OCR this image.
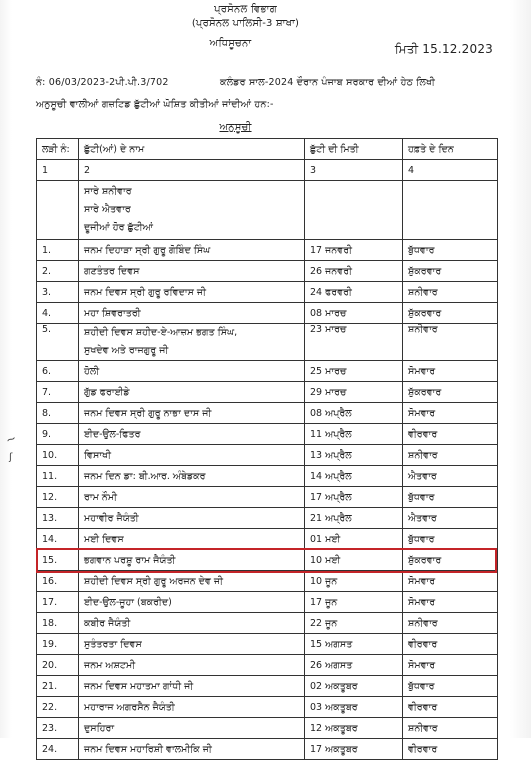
ਪ੍ਰਸੋਨਲ ਵਿਭਾਗ
(ਪ੍ਰਸੋਨਲ ਪਾਲਿਸੀ-3 ਸ਼ਾਖਾ)
ਅਧਿਸੂਚਨਾ	ਮਿਤੀ 15.12.2023
ਨੰ: 06/03/2023-2ਪੀ.ਪੀ.3/702	ਕਲੰਡਰ ਸਾਲ-2024 ਦੌਰਾਨ ਪੰਜਾਬ ਸਰਕਾਰ ਦੀਆਂ ਹੇਠ ਲਿਖੀ
ਅਨੁਸੂਚੀ ਵਾਲੀਆਂ ਗਜ਼ਟਿਡ ਛੁੱਟੀਆਂ ਘੋਸ਼ਿਤ ਕੀਤੀਆਂ ਜਾਂਦੀਆਂ ਹਨ:-
ਅਨੁਸੂਚੀ
~
ʃ
ਲੜੀ ਨੰ:	ਛੁੱਟੀ(ਆਂ) ਦੇ ਨਾਮ	ਛੁੱਟੀ ਦੀ ਮਿਤੀ	ਹਫ਼ਤੇ ਦੇ ਦਿਨ
1	2	3	4

	ਸਾਰੇ ਸ਼ਨੀਵਾਰ
ਸਾਰੇ ਐਤਵਾਰ
ਦੂਜੀਆਂ ਹੋਰ ਛੁੱਟੀਆਂ		

1.	ਜਨਮ ਦਿਹਾੜਾ ਸ੍ਰੀ ਗੁਰੂ ਗੋਬਿੰਦ ਸਿੰਘ	17 ਜਨਵਰੀ	ਬੁੱਧਵਾਰ
2.	ਗਣਤੰਤਰ ਦਿਵਸ	26 ਜਨਵਰੀ	ਸ਼ੁੱਕਰਵਾਰ
3.	ਜਨਮ ਦਿਵਸ ਸ੍ਰੀ ਗੁਰੂ ਰਵਿਦਾਸ ਜੀ	24 ਫਰਵਰੀ	ਸ਼ਨੀਵਾਰ
4.	ਮਹਾ ਸ਼ਿਵਰਾਤਰੀ	08 ਮਾਰਚ	ਸ਼ੁੱਕਰਵਾਰ
5.	ਸ਼ਹੀਦੀ ਦਿਵਸ ਸ਼ਹੀਦ-ਏ-ਆਜ਼ਮ ਭਗਤ ਸਿੰਘ,
ਸੁਖਦੇਵ ਅਤੇ ਰਾਜਗੁਰੂ ਜੀ	23 ਮਾਰਚ	ਸ਼ਨੀਵਾਰ
6.	ਹੋਲੀ	25 ਮਾਰਚ	ਸੋਮਵਾਰ
7.	ਗੁੱਡ ਫਰਾਈਡੇ	29 ਮਾਰਚ	ਸ਼ੁੱਕਰਵਾਰ
8.	ਜਨਮ ਦਿਵਸ ਸ੍ਰੀ ਗੁਰੂ ਨਾਭਾ ਦਾਸ ਜੀ	08 ਅਪ੍ਰੈਲ	ਸੋਮਵਾਰ
9.	ਈਦ-ਉਲ-ਫਿਤਰ	11 ਅਪ੍ਰੈਲ	ਵੀਰਵਾਰ
10.	ਵਿਸਾਖੀ	13 ਅਪ੍ਰੈਲ	ਸ਼ਨੀਵਾਰ
11.	ਜਨਮ ਦਿਨ ਡਾ: ਬੀ.ਆਰ. ਅੰਬੇਡਕਰ	14 ਅਪ੍ਰੈਲ	ਐਤਵਾਰ
12.	ਰਾਮ ਨੌਮੀ	17 ਅਪ੍ਰੈਲ	ਬੁੱਧਵਾਰ
13.	ਮਹਾਵੀਰ ਜੈਯੰਤੀ	21 ਅਪ੍ਰੈਲ	ਐਤਵਾਰ
14.	ਮਈ ਦਿਵਸ	01 ਮਈ	ਬੁੱਧਵਾਰ
15.	ਭਗਵਾਨ ਪਰਸ਼ੂ ਰਾਮ ਜੈਯੰਤੀ	10 ਮਈ	ਸ਼ੁੱਕਰਵਾਰ
16.	ਸ਼ਹੀਦੀ ਦਿਵਸ ਸ੍ਰੀ ਗੁਰੂ ਅਰਜਨ ਦੇਵ ਜੀ	10 ਜੂਨ	ਸੋਮਵਾਰ
17.	ਈਦ-ਉਲ-ਜੂਹਾ (ਬਕਰੀਦ)	17 ਜੂਨ	ਸੋਮਵਾਰ
18.	ਕਬੀਰ ਜੈਯੰਤੀ	22 ਜੂਨ	ਸ਼ਨੀਵਾਰ
19.	ਸੁਤੰਤਰਤਾ ਦਿਵਸ	15 ਅਗਸਤ	ਵੀਰਵਾਰ
20.	ਜਨਮ ਅਸ਼ਟਮੀ	26 ਅਗਸਤ	ਸੋਮਵਾਰ
21.	ਜਨਮ ਦਿਵਸ ਮਹਾਤਮਾ ਗਾਂਧੀ ਜੀ	02 ਅਕਤੂਬਰ	ਬੁੱਧਵਾਰ
22.	ਮਹਾਰਾਜ ਅਗਰਸੈਨ ਜੈਯੰਤੀ	03 ਅਕਤੂਬਰ	ਵੀਰਵਾਰ
23.	ਦੁਸਹਿਰਾ	12 ਅਕਤੂਬਰ	ਸ਼ਨੀਵਾਰ
24.	ਜਨਮ ਦਿਵਸ ਮਹਾਰਿਸ਼ੀ ਵਾਲਮੀਕਿ ਜੀ	17 ਅਕਤੂਬਰ	ਵੀਰਵਾਰ
